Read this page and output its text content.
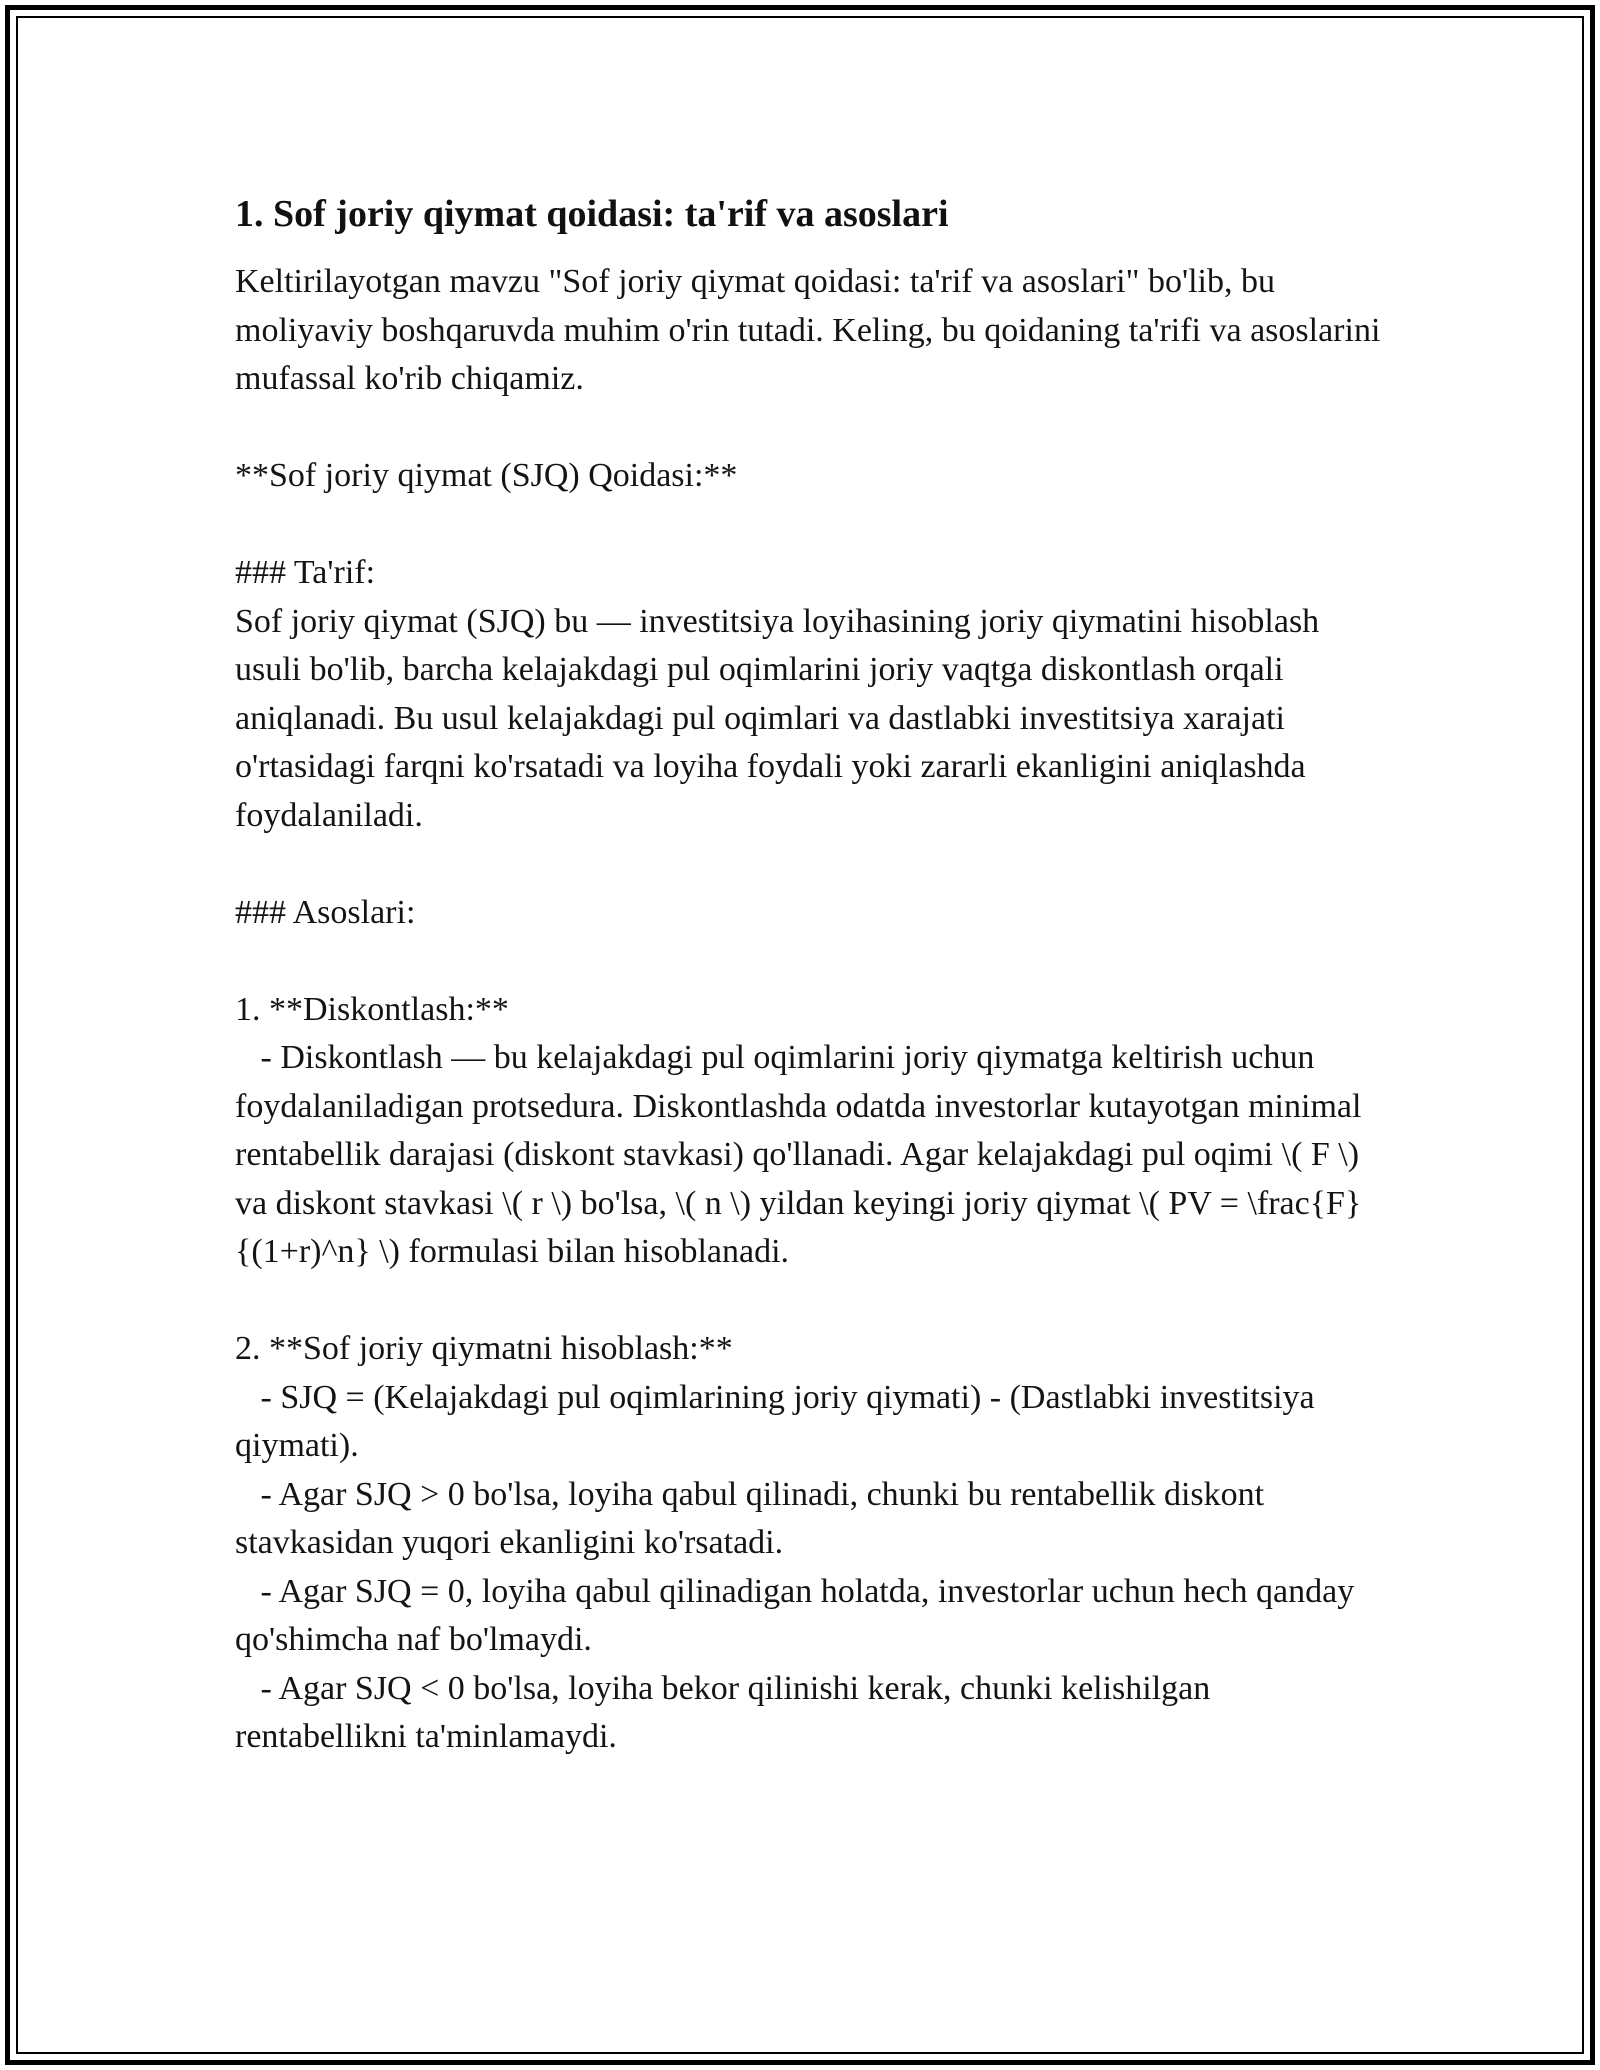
1. Sof joriy qiymat qoidasi: ta'rif va asoslari

Keltirilayotgan mavzu "Sof joriy qiymat qoidasi: ta'rif va asoslari" bo'lib, bu moliyaviy boshqaruvda muhim o'rin tutadi. Keling, bu qoidaning ta'rifi va asoslarini mufassal ko'rib chiqamiz.

**Sof joriy qiymat (SJQ) Qoidasi:**

### Ta'rif:

Sof joriy qiymat (SJQ) bu — investitsiya loyihasining joriy qiymatini hisoblash usuli bo'lib, barcha kelajakdagi pul oqimlarini joriy vaqtga diskontlash orqali aniqlanadi. Bu usul kelajakdagi pul oqimlari va dastlabki investitsiya xarajati o'rtasidagi farqni ko'rsatadi va loyiha foydali yoki zararli ekanligini aniqlashda foydalaniladi.

### Asoslari:

1. **Diskontlash:**

- Diskontlash — bu kelajakdagi pul oqimlarini joriy qiymatga keltirish uchun foydalaniladigan protsedura. Diskontlashda odatda investorlar kutayotgan minimal rentabellik darajasi (diskont stavkasi) qo'llanadi. Agar kelajakdagi pul oqimi \( F \) va diskont stavkasi \( r \) bo'lsa, \( n \) yildan keyingi joriy qiymat \( PV = \frac{F}{(1+r)^n} \) formulasi bilan hisoblanadi.

2. **Sof joriy qiymatni hisoblash:**

- SJQ = (Kelajakdagi pul oqimlarining joriy qiymati) - (Dastlabki investitsiya qiymati).

- Agar SJQ > 0 bo'lsa, loyiha qabul qilinadi, chunki bu rentabellik diskont stavkasidan yuqori ekanligini ko'rsatadi.

- Agar SJQ = 0, loyiha qabul qilinadigan holatda, investorlar uchun hech qanday qo'shimcha naf bo'lmaydi.

- Agar SJQ < 0 bo'lsa, loyiha bekor qilinishi kerak, chunki kelishilgan rentabellikni ta'minlamaydi.
